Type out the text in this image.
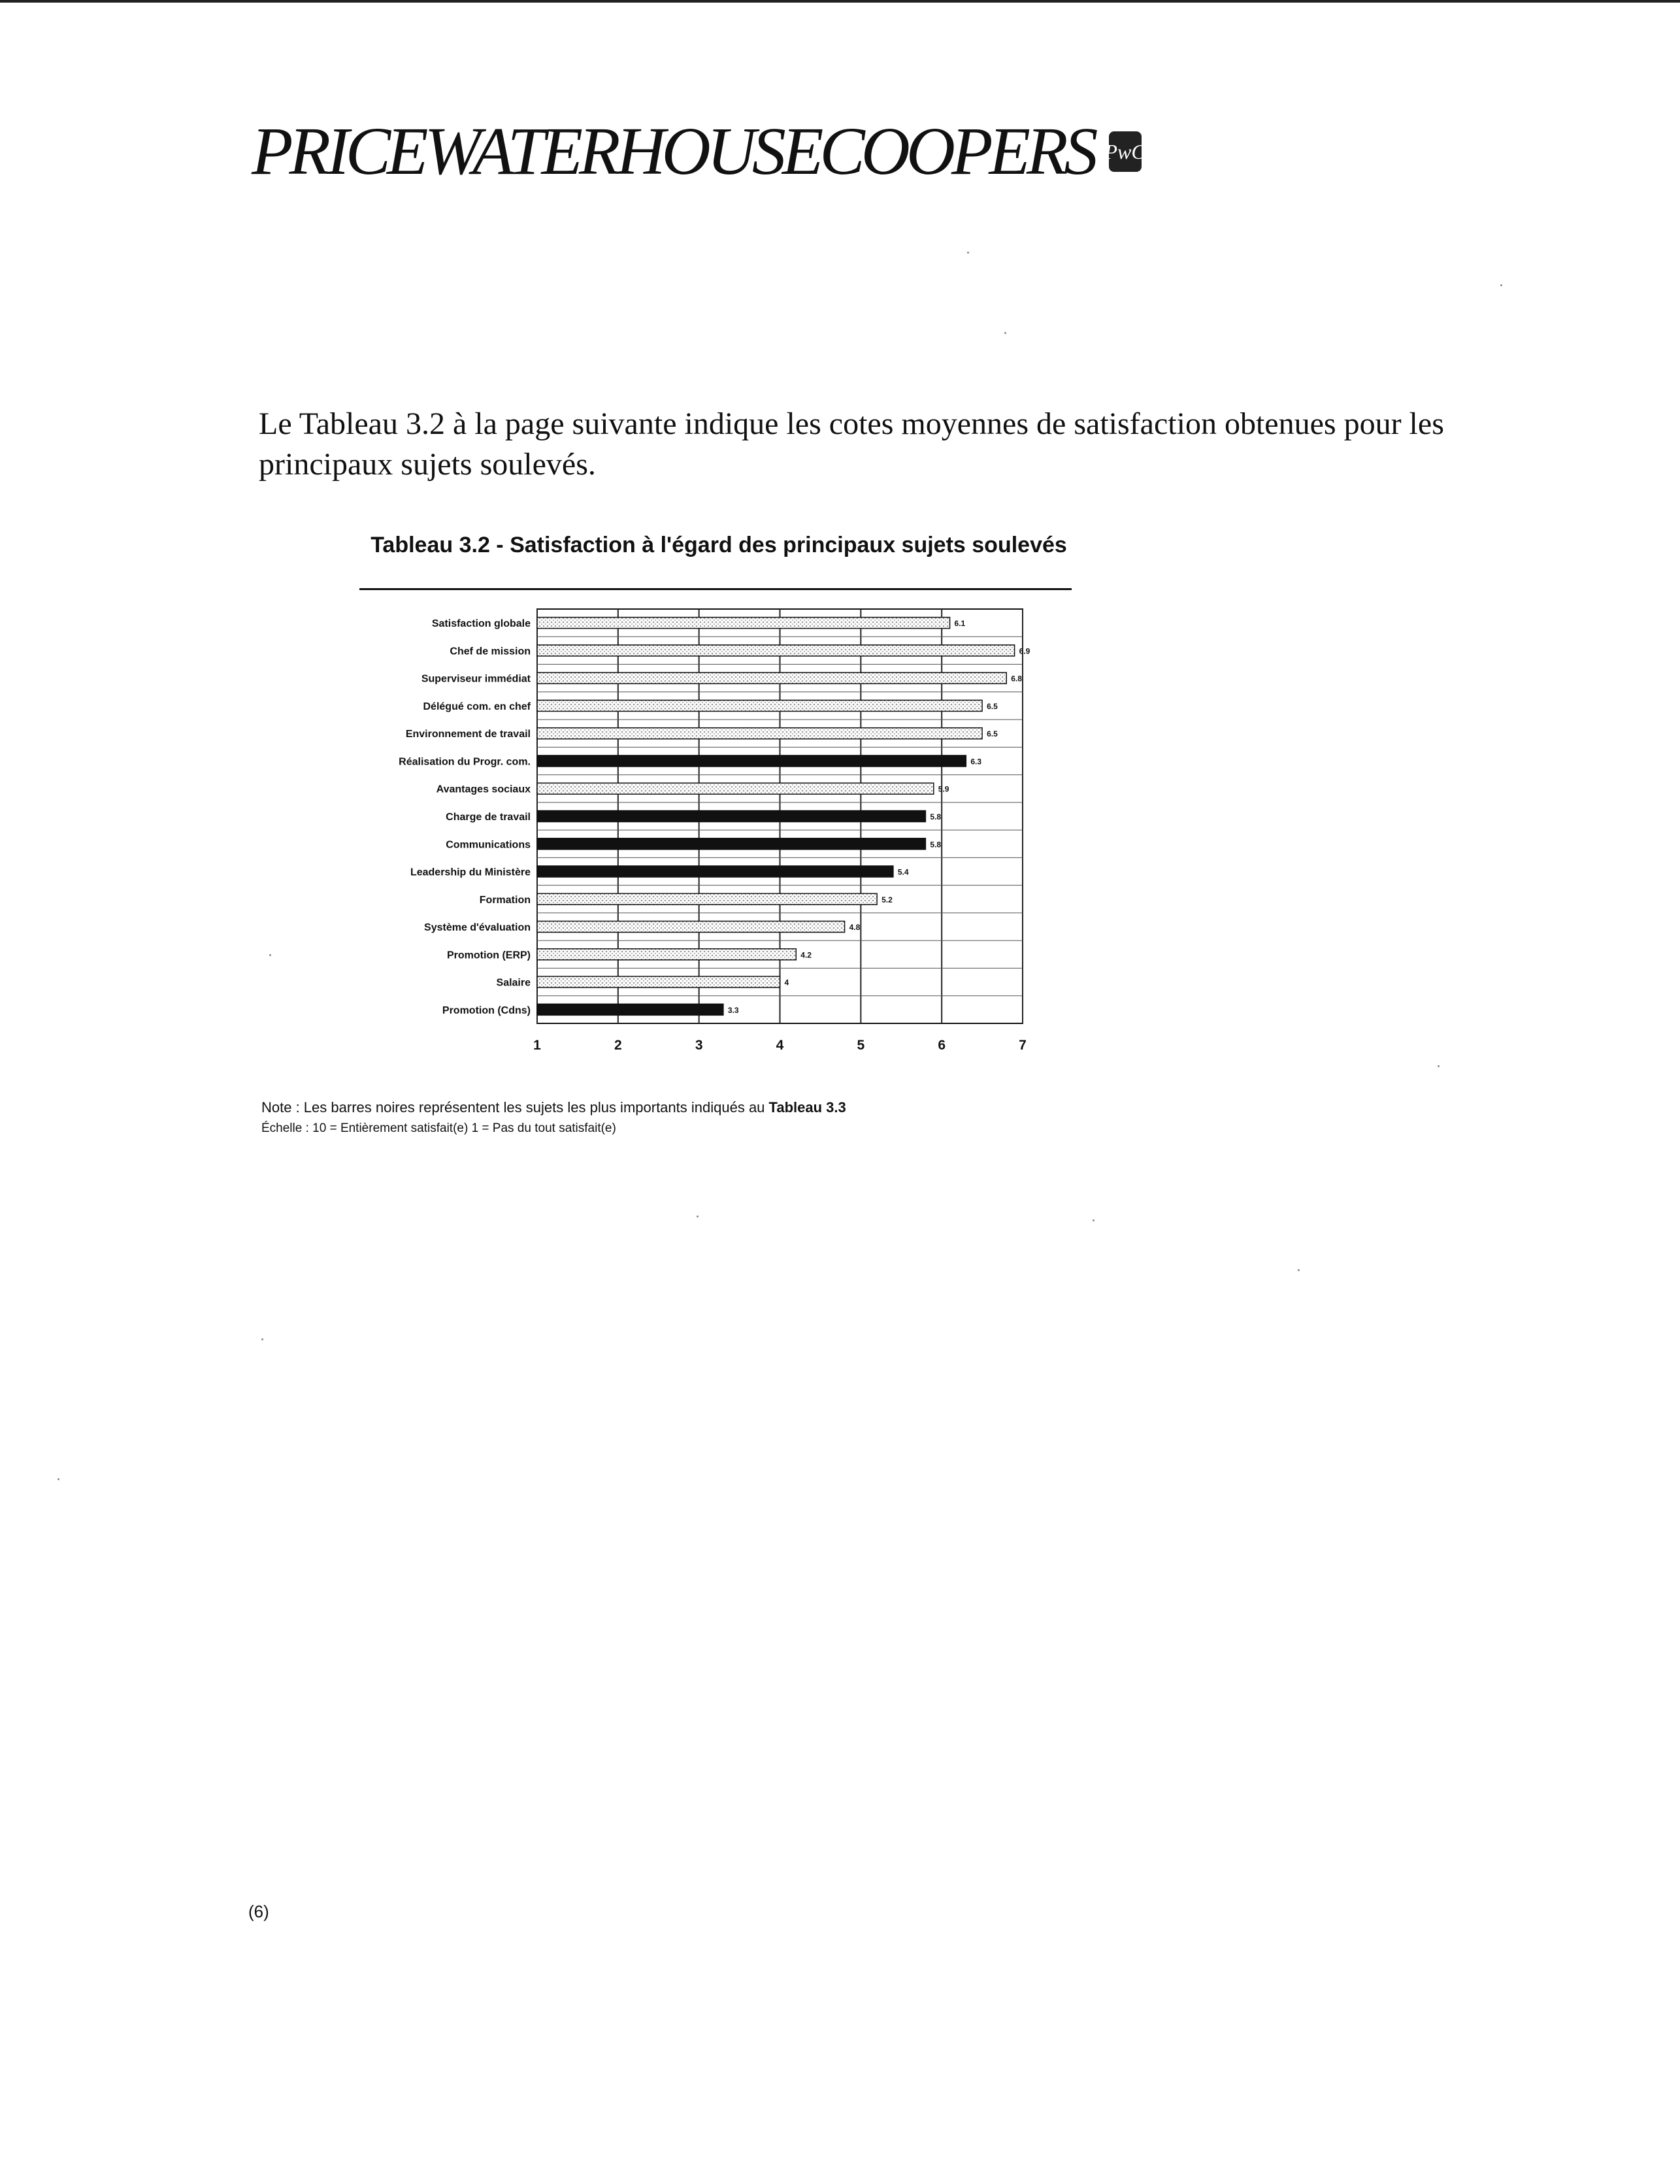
PRICEWATERHOUSECOOPERS PwC

Le Tableau 3.2 à la page suivante indique les cotes moyennes de satisfaction obtenues pour les principaux sujets soulevés.

Tableau 3.2 - Satisfaction à l'égard des principaux sujets soulevés

1	2	3	4	5	6	7
Satisfaction globale	6.1
Chef de mission	6.9
Superviseur immédiat	6.8
Délégué com. en chef	6.5
Environnement de travail	6.5
Réalisation du Progr. com.	6.3
Avantages sociaux	5.9
Charge de travail	5.8
Communications	5.8
Leadership du Ministère	5.4
Formation	5.2
Système d'évaluation	4.8
Promotion (ERP)	4.2
Salaire	4
Promotion (Cdns)	3.3

Note : Les barres noires représentent les sujets les plus importants indiqués au Tableau 3.3

Échelle : 10 = Entièrement satisfait(e) 1 = Pas du tout satisfait(e)

(6)
